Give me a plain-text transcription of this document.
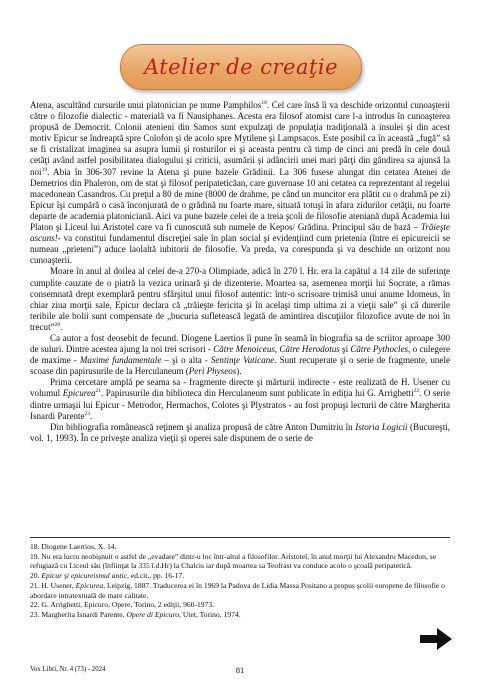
Atelier de creaţie

Atena, ascultând cursurile unui platonician pe nume Pamphilos$^{18}$. Cel care însă îi va deschide orizontul cunoaşterii către o filozofie dialectic - materială va fi Nausiphanes. Acesta era filosof atomist care l-a introdus în cunoaşterea propusă de Democrit. Colonii atenieni din Samos sunt expulzaţi de populaţia tradiţională a insulei şi din acest motiv Epicur se îndreaptă spre Colofon şi de acolo spre Mytilene şi Lampsacos. Este posibil ca în această „fugă” să se fi cristalizat imaginea sa asupra lumii şi rosturilor ei şi aceasta pentru că timp de cinci ani predă în cele două cetăţi având astfel posibilitatea dialogului şi criticii, asumării şi adâncirii unei mari părţi din gândirea sa ajunsă la noi$^{19}$. Abia în 306-307 revine la Atena şi pune bazele Grădinii. La 306 fusese alungat din cetatea Atenei de Demetrios din Phaleron, om de stat şi filosof peripateticăan, care guvernase 10 ani cetatea ca reprezentant al regelui macedonean Casandros. Cu preţul a 80 de mine (8000 de drahme, pe când un muncitor era plătit cu o drahmă pe zi) Epicur îşi cumpără o casă înconjurată de o grădină nu foarte mare, situată totuşi în afara zidurilor cetăţii, nu foarte departe de academia platoniciană. Aici va pune bazele celei de a treia şcoli de filosofie ateniană după Academia lui Platon şi Liceul lui Aristotel care va fi cunoscută sub numele de Kepos/ Grădina. Principul său de bază – Trăieşte ascuns!- va constitui fundamentul discreţiei sale în plan social şi evidenţiind cum prietenia (între ei epicureicii se numeau „prieteni”) aduce laolaltă iubitorii de filosofie. Va preda, va corespunda şi va deschide un orizont nou cunoaşterii.

Moare în anul al doilea al celei de-a 270-a Olimpiade, adică în 270 î. Hr. era la capătul a 14 zile de suferinţe cumplite cauzate de o piatră la vezica urinară şi de dizenterie. Moartea sa, asemenea morţii lui Socrate, a rămas consemnată drept exemplară pentru sfârşitul unui filosof autentic: într-o scrisoare trimisă unui anume Idomeus, în chiar ziua morţii sale, Epicur declara că „trăieşte fericita şi în acelaşi timp ultima zi a vieţii sale” şi că durerile teribile ale bolii sunt compensate de „bucuria sufletească legată de amintirea discuţiilor filozofice avute de noi în trecut”$^{20}$.

Ca autor a fost deosebit de fecund. Diogene Laertios îi pune în seamă în biografia sa de scriitor aproape 300 de suluri. Dintre acestea ajung la noi trei scrisori - Către Menoiceus, Către Herodotus şi Către Pythocles, o culegere de maxime - Maxime fundamentale – şi o alta - Sentinţe Vaticane. Sunt recuperate şi o serie de fragmente, unele scoase din papirusurile de la Herculaneum (Peri Physeos).

Prima cercetare amplă pe seama sa - fragmente directe şi mărturii indirecte - este realizată de H. Usener cu volumul Epicurea$^{21}$. Papirusurile din biblioteca din Herculaneum sunt publicate în ediţia lui G. Arrighetti$^{22}$. O serie dintre urmaşii lui Epicur - Metrodor, Hermachos, Colotes şi Plystratos - au fost propuşi lecturii de către Margherita Isnardi Parente$^{23}$.

Din bibliografia românească reţinem şi analiza propusă de către Anton Dumitriu în Istoria Logicii (Bucureşti, vol. 1, 1993). În ce priveşte analiza vieţii şi operei sale dispunem de o serie de

18. Diogene Laertios, X. 14.

19. Nu era lucru neobişnuit o astfel de „evadare” dintr-u loc într-altul a filosofilor. Aristotel, în anul morţii lui Alexandru Macedon, se refugiază cu Liceul său (înfiinţat la 335 î.d.Hr) la Chalcis iar după moartea sa Teofrast va conduce acolo o şcoală peripatetică.

20. Epicur şi epicureismul antic, ed.cit., pp. 16-17.

21. H. Usener, Epicurea, Leipzig, 1887. Traducerea ei în 1969 la Padova de Lidia Massa Positano a propus şcolii europene de filosofie o abordare intratextuală de mare calitate.

22. G. Arrighetti, Epicuro, Opere, Torino, 2 ediţii, 960-1973.

23. Margherita Isnardi Parente, Opere di Epicuro, Utet, Torino, 1974.

Vox Libri, Nr. 4 (73) - 2024	81
